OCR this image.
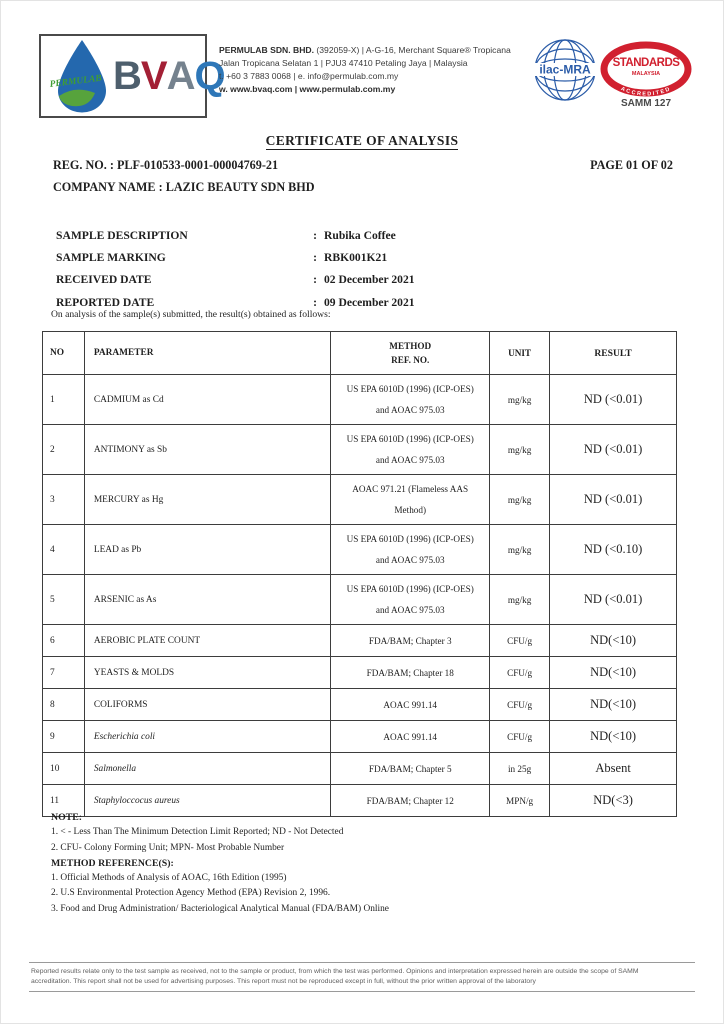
PERMULAB B V A Q
PERMULAB SDN. BHD. (392059-X) | A-G-16, Merchant Square® Tropicana
Jalan Tropicana Selatan 1 | PJU3 47410 Petaling Jaya | Malaysia
t. +60 3 7883 0068 | e. info@permulab.com.my
w. www.bvaq.com | www.permulab.com.my
ilac-MRA STANDARDS
MALAYSIA
ACCREDITED
SAMM 127
CERTIFICATE OF ANALYSIS
REG. NO. : PLF-010533-0001-00004769-21	PAGE 01 OF 02
COMPANY NAME : LAZIC BEAUTY SDN BHD
SAMPLE DESCRIPTION	: Rubika Coffee
SAMPLE MARKING	: RBK001K21
RECEIVED DATE	: 02 December 2021
REPORTED DATE	: 09 December 2021
On analysis of the sample(s) submitted, the result(s) obtained as follows:
NO	PARAMETER	METHOD
REF. NO.	UNIT	RESULT
1	CADMIUM as Cd	US EPA 6010D (1996) (ICP-OES)
and AOAC 975.03	mg/kg	ND (<0.01)
2	ANTIMONY as Sb	US EPA 6010D (1996) (ICP-OES)
and AOAC 975.03	mg/kg	ND (<0.01)
3	MERCURY as Hg	AOAC 971.21 (Flameless AAS
Method)	mg/kg	ND (<0.01)
4	LEAD as Pb	US EPA 6010D (1996) (ICP-OES)
and AOAC 975.03	mg/kg	ND (<0.10)
5	ARSENIC as As	US EPA 6010D (1996) (ICP-OES)
and AOAC 975.03	mg/kg	ND (<0.01)
6	AEROBIC PLATE COUNT	FDA/BAM; Chapter 3	CFU/g	ND(<10)
7	YEASTS & MOLDS	FDA/BAM; Chapter 18	CFU/g	ND(<10)
8	COLIFORMS	AOAC 991.14	CFU/g	ND(<10)
9	Escherichia coli	AOAC 991.14	CFU/g	ND(<10)
10	Salmonella	FDA/BAM; Chapter 5	in 25g	Absent
11	Staphyloccocus aureus	FDA/BAM; Chapter 12	MPN/g	ND(<3)
NOTE:
1. < - Less Than The Minimum Detection Limit Reported; ND - Not Detected
2. CFU- Colony Forming Unit; MPN- Most Probable Number
METHOD REFERENCE(S):
1. Official Methods of Analysis of AOAC, 16th Edition (1995)
2. U.S Environmental Protection Agency Method (EPA) Revision 2, 1996.
3. Food and Drug Administration/ Bacteriological Analytical Manual (FDA/BAM) Online
Reported results relate only to the test sample as received, not to the sample or product, from which the test was performed. Opinions and interpretation expressed herein are outside the scope of SAMM
accreditation. This report shall not be used for advertising purposes. This report must not be reproduced except in full, without the prior written approval of the laboratory
